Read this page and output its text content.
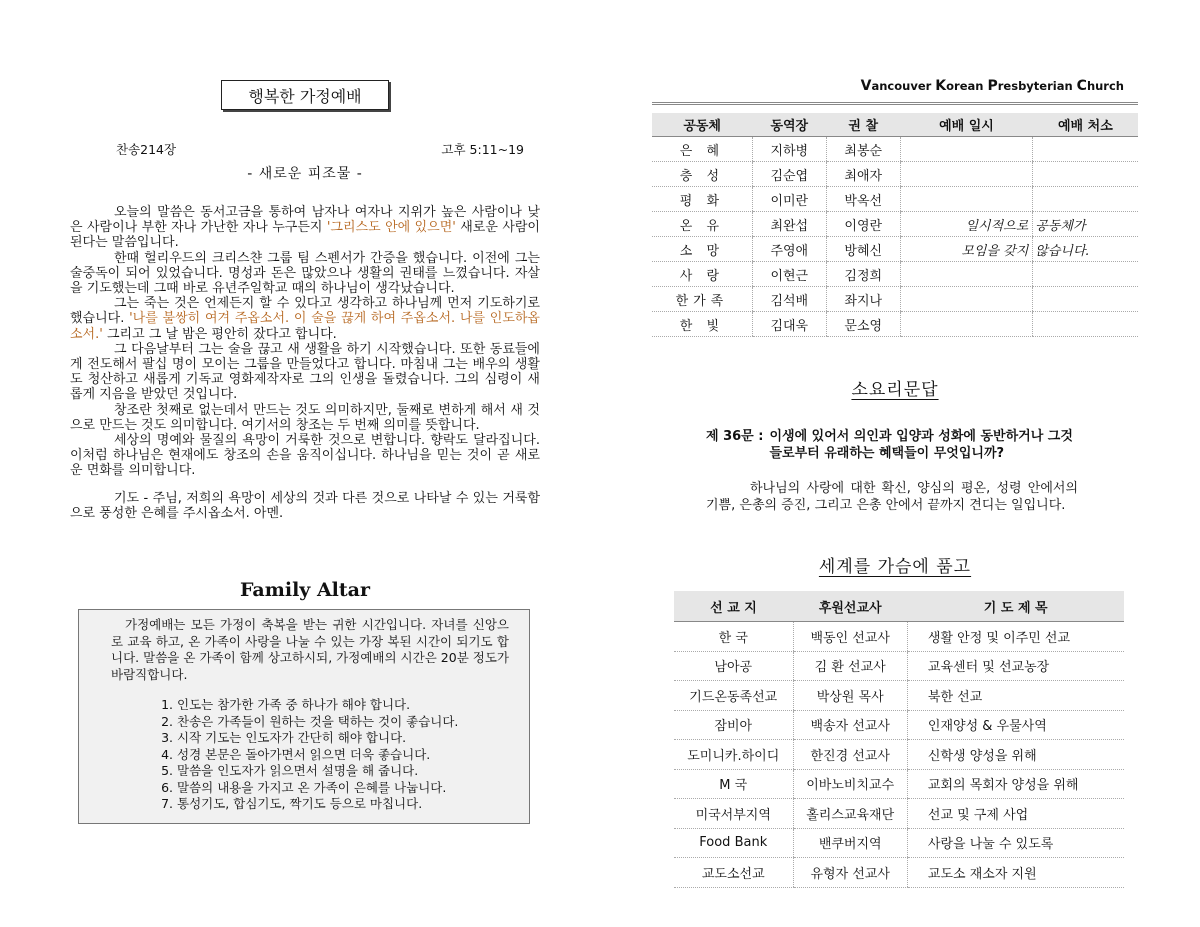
행복한 가정예배
찬송214장	고후 5:11~19
- 새로운 피조물 -

오늘의 말씀은 동서고금을 통하여 남자나 여자나 지위가 높은 사람이나 낮은 사람이나 부한 자나 가난한 자나 누구든지 '그리스도 안에 있으면' 새로운 사람이 된다는 말씀입니다.

한때 헐리우드의 크리스챤 그룹 팀 스펜서가 간증을 했습니다. 이전에 그는 술중독이 되어 있었습니다. 명성과 돈은 많았으나 생활의 권태를 느꼈습니다. 자살을 기도했는데 그때 바로 유년주일학교 때의 하나님이 생각났습니다.

그는 죽는 것은 언제든지 할 수 있다고 생각하고 하나님께 먼저 기도하기로 했습니다. '나를 불쌍히 여겨 주옵소서. 이 술을 끊게 하여 주옵소서. 나를 인도하옵소서.' 그리고 그 날 밤은 평안히 잤다고 합니다.

그 다음날부터 그는 술을 끊고 새 생활을 하기 시작했습니다. 또한 동료들에게 전도해서 팔십 명이 모이는 그룹을 만들었다고 합니다. 마침내 그는 배우의 생활도 청산하고 새롭게 기독교 영화제작자로 그의 인생을 돌렸습니다. 그의 심령이 새롭게 지음을 받았던 것입니다.

창조란 첫째로 없는데서 만드는 것도 의미하지만, 둘째로 변하게 해서 새 것으로 만드는 것도 의미합니다. 여기서의 창조는 두 번째 의미를 뜻합니다.

세상의 명예와 물질의 욕망이 거룩한 것으로 변합니다. 향락도 달라집니다. 이처럼 하나님은 현재에도 창조의 손을 움직이십니다. 하나님을 믿는 것이 곧 새로운 면화를 의미합니다.

기도 - 주님, 저희의 욕망이 세상의 것과 다른 것으로 나타날 수 있는 거룩함으로 풍성한 은혜를 주시옵소서. 아멘.

Family Altar

가정예배는 모든 가정이 축복을 받는 귀한 시간입니다. 자녀를 신앙으로 교육 하고, 온 가족이 사랑을 나눌 수 있는 가장 복된 시간이 되기도 합니다. 말씀을 온 가족이 함께 상고하시되, 가정예배의 시간은 20분 정도가 바람직합니다.

1. 인도는 참가한 가족 중 하나가 해야 합니다.
2. 찬송은 가족들이 원하는 것을 택하는 것이 좋습니다.
3. 시작 기도는 인도자가 간단히 해야 합니다.
4. 성경 본문은 돌아가면서 읽으면 더욱 좋습니다.
5. 말씀을 인도자가 읽으면서 설명을 해 줍니다.
6. 말씀의 내용을 가지고 온 가족이 은혜를 나눕니다.
7. 통성기도, 합심기도, 짝기도 등으로 마칩니다.
Vancouver Korean Presbyterian Church
공동체	동역장	권 찰	예배 일시	예배 처소
은 혜	지하병	최봉순		
충 성	김순엽	최애자		
평 화	이미란	박옥선		
온 유	최완섭	이영란	일시적으로	공동체가
소 망	주영애	방혜신	모임을 갖지	않습니다.
사 랑	이현근	김정희		
한가족	김석배	좌지나		
한 빛	김대욱	문소영		
소요리문답
제 36문 : 이생에 있어서 의인과 입양과 성화에 동반하거나 그것들로부터 유래하는 혜택들이 무엇입니까?
하나님의 사랑에 대한 확신, 양심의 평온, 성령 안에서의 기쁨, 은총의 증진, 그리고 은총 안에서 끝까지 견디는 일입니다.
세계를 가슴에 품고
선 교 지	후원선교사	기 도 제 목
한 국	백동인 선교사	생활 안정 및 이주민 선교
남아공	김 환 선교사	교육센터 및 선교농장
기드온동족선교	박상원 목사	북한 선교
잠비아	백송자 선교사	인재양성 & 우물사역
도미니카.하이디	한진경 선교사	신학생 양성을 위해
M 국	이바노비치교수	교회의 목회자 양성을 위해
미국서부지역	홀리스교육재단	선교 및 구제 사업
Food Bank	밴쿠버지역	사랑을 나눌 수 있도록
교도소선교	유형자 선교사	교도소 재소자 지원
